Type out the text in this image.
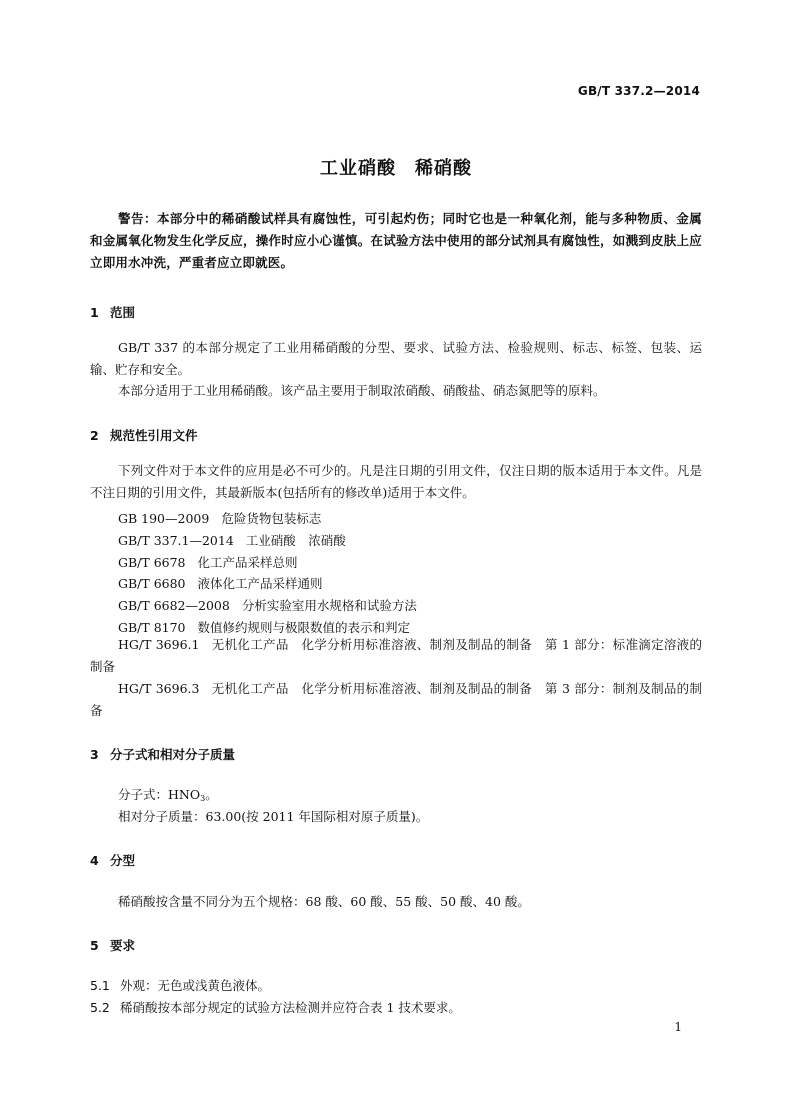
GB/T 337.2—2014
工业硝酸　稀硝酸
警告：本部分中的稀硝酸试样具有腐蚀性，可引起灼伤；同时它也是一种氧化剂，能与多种物质、金属和金属氧化物发生化学反应，操作时应小心谨慎。在试验方法中使用的部分试剂具有腐蚀性，如溅到皮肤上应立即用水冲洗，严重者应立即就医。
1 范围
GB/T 337 的本部分规定了工业用稀硝酸的分型、要求、试验方法、检验规则、标志、标签、包装、运输、贮存和安全。
本部分适用于工业用稀硝酸。该产品主要用于制取浓硝酸、硝酸盐、硝态氮肥等的原料。
2 规范性引用文件
下列文件对于本文件的应用是必不可少的。凡是注日期的引用文件，仅注日期的版本适用于本文件。凡是不注日期的引用文件，其最新版本(包括所有的修改单)适用于本文件。
GB 190—2009 危险货物包装标志
GB/T 337.1—2014 工业硝酸　浓硝酸
GB/T 6678 化工产品采样总则
GB/T 6680 液体化工产品采样通则
GB/T 6682—2008 分析实验室用水规格和试验方法
GB/T 8170 数值修约规则与极限数值的表示和判定
HG/T 3696.1 无机化工产品　化学分析用标准溶液、制剂及制品的制备　第 1 部分：标准滴定溶液的制备
HG/T 3696.3 无机化工产品　化学分析用标准溶液、制剂及制品的制备　第 3 部分：制剂及制品的制备
3 分子式和相对分子质量
分子式：$HNO_3$。
相对分子质量：63.00(按 2011 年国际相对原子质量)。
4 分型
稀硝酸按含量不同分为五个规格：68 酸、60 酸、55 酸、50 酸、40 酸。
5 要求
5.1 外观：无色或浅黄色液体。
5.2 稀硝酸按本部分规定的试验方法检测并应符合表 1 技术要求。
1
